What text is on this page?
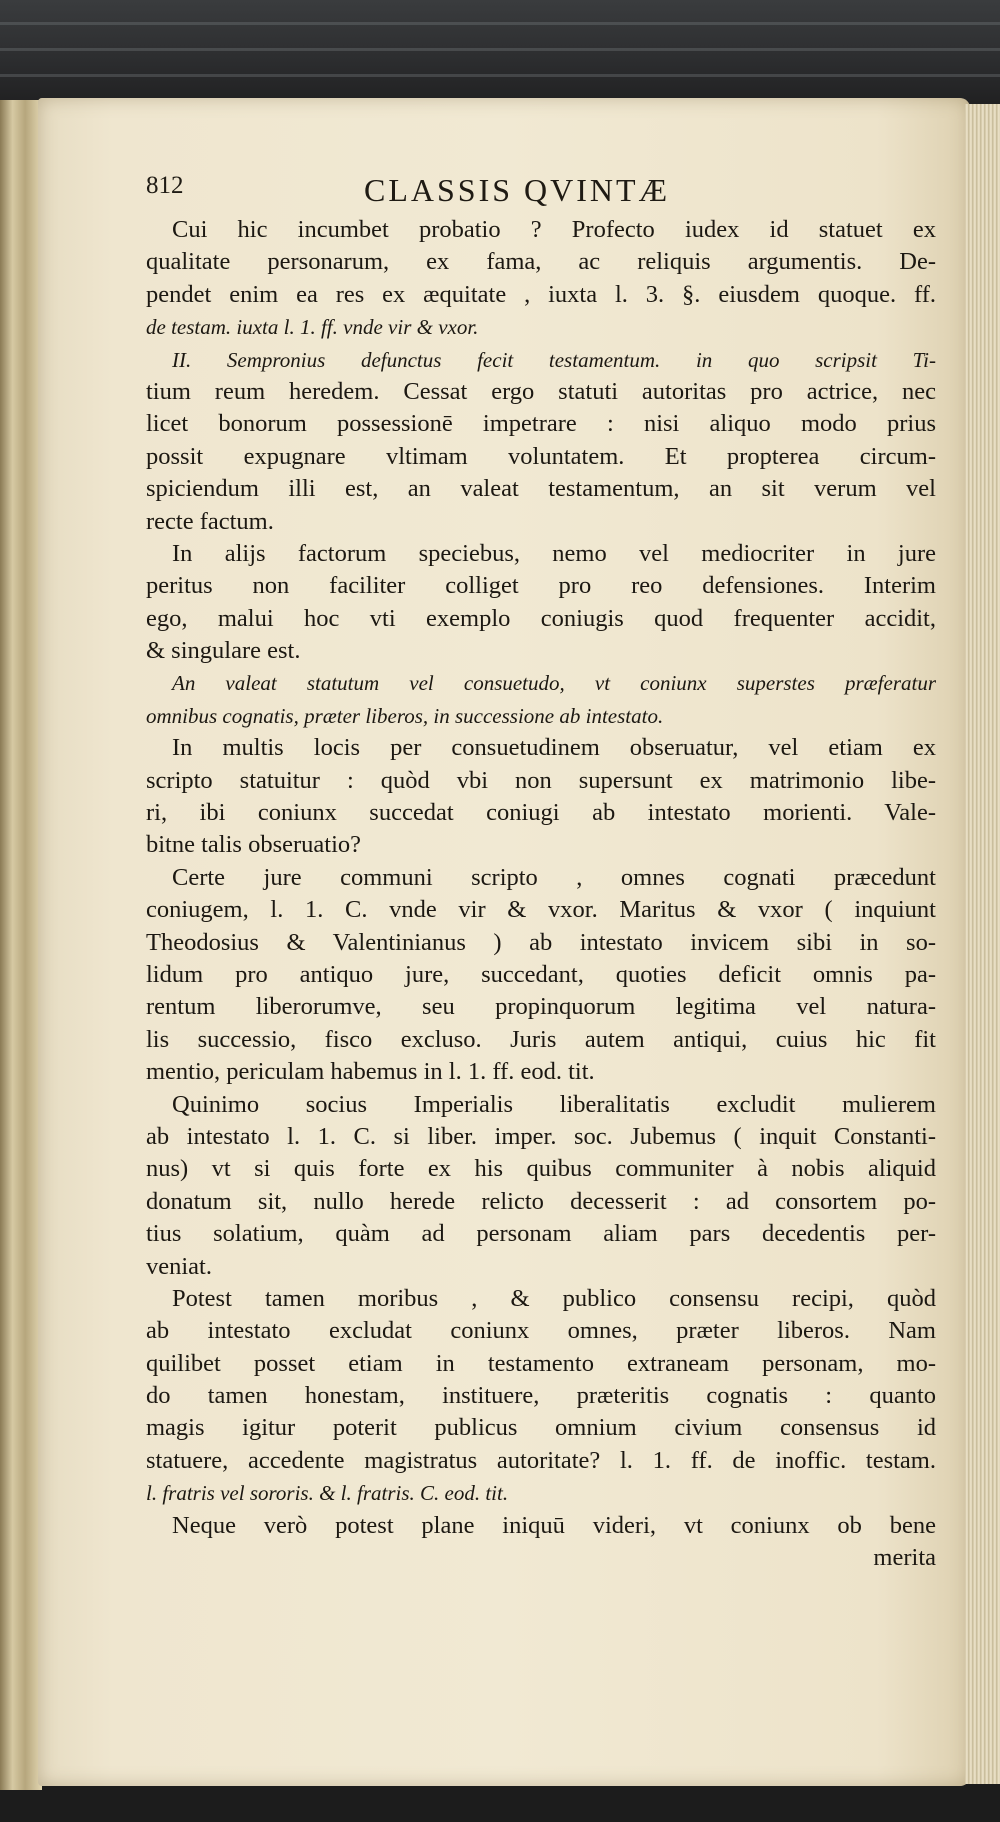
812	CLASSIS QVINTÆ
Cui hic incumbet probatio ? Profecto iudex id statuet ex
qualitate personarum, ex fama, ac reliquis argumentis. De-
pendet enim ea res ex æquitate , iuxta l. 3. §. eiusdem quoque. ff.
de testam. iuxta l. 1. ff. vnde vir & vxor.
II. Sempronius defunctus fecit testamentum. in quo scripsit Ti-
tium reum heredem. Cessat ergo statuti autoritas pro actrice, nec
licet bonorum possessionē impetrare : nisi aliquo modo prius
possit expugnare vltimam voluntatem. Et propterea circum-
spiciendum illi est, an valeat testamentum, an sit verum vel
recte factum.
In alijs factorum speciebus, nemo vel mediocriter in jure
peritus non faciliter colliget pro reo defensiones. Interim
ego, malui hoc vti exemplo coniugis quod frequenter accidit,
& singulare est.
An valeat statutum vel consuetudo, vt coniunx superstes præferatur
omnibus cognatis, præter liberos, in successione ab intestato.
In multis locis per consuetudinem obseruatur, vel etiam ex
scripto statuitur : quòd vbi non supersunt ex matrimonio libe-
ri, ibi coniunx succedat coniugi ab intestato morienti. Vale-
bitne talis obseruatio?
Certe jure communi scripto , omnes cognati præcedunt
coniugem, l. 1. C. vnde vir & vxor. Maritus & vxor ( inquiunt
Theodosius & Valentinianus ) ab intestato invicem sibi in so-
lidum pro antiquo jure, succedant, quoties deficit omnis pa-
rentum liberorumve, seu propinquorum legitima vel natura-
lis successio, fisco excluso. Juris autem antiqui, cuius hic fit
mentio, periculam habemus in l. 1. ff. eod. tit.
Quinimo socius Imperialis liberalitatis excludit mulierem
ab intestato l. 1. C. si liber. imper. soc. Jubemus ( inquit Constanti-
nus) vt si quis forte ex his quibus communiter à nobis aliquid
donatum sit, nullo herede relicto decesserit : ad consortem po-
tius solatium, quàm ad personam aliam pars decedentis per-
veniat.
Potest tamen moribus , & publico consensu recipi, quòd
ab intestato excludat coniunx omnes, præter liberos. Nam
quilibet posset etiam in testamento extraneam personam, mo-
do tamen honestam, instituere, præteritis cognatis : quanto
magis igitur poterit publicus omnium civium consensus id
statuere, accedente magistratus autoritate? l. 1. ff. de inoffic. testam.
l. fratris vel sororis. & l. fratris. C. eod. tit.
Neque verò potest plane iniquū videri, vt coniunx ob bene
merita
